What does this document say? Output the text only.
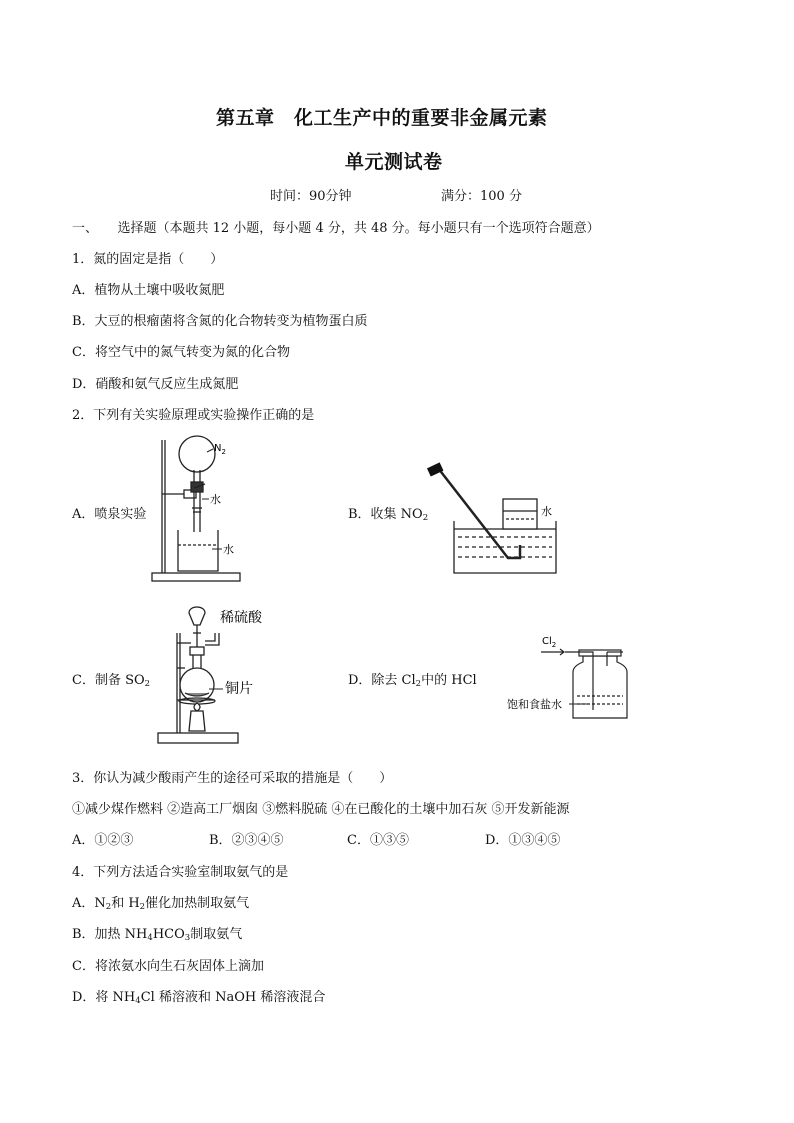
第五章　化工生产中的重要非金属元素
单元测试卷
时间：90分钟	满分：100 分
一、　　选择题（本题共 12 小题，每小题 4 分，共 48 分。每小题只有一个选项符合题意）
1．氮的固定是指（　　）
A．植物从土壤中吸收氮肥
B．大豆的根瘤菌将含氮的化合物转变为植物蛋白质
C．将空气中的氮气转变为氮的化合物
D．硝酸和氨气反应生成氮肥
2．下列有关实验原理或实验操作正确的是
A．喷泉实验	B．收集 $NO_2$
C．制备 $SO_2$	D．除去 $Cl_2$中的 HCl
$N_2$
水
水
水
稀硫酸
铜片
$Cl_2$
饱和食盐水
3．你认为减少酸雨产生的途径可采取的措施是（　　）
①减少煤作燃料 ②造高工厂烟囱 ③燃料脱硫 ④在已酸化的土壤中加石灰 ⑤开发新能源
A．①②③	B．②③④⑤	C．①③⑤	D．①③④⑤
4．下列方法适合实验室制取氨气的是
A．$N_2$和 $H_2$催化加热制取氨气
B．加热 $NH_4HCO_3$制取氨气
C．将浓氨水向生石灰固体上滴加
D．将 $NH_4Cl$ 稀溶液和 NaOH 稀溶液混合
